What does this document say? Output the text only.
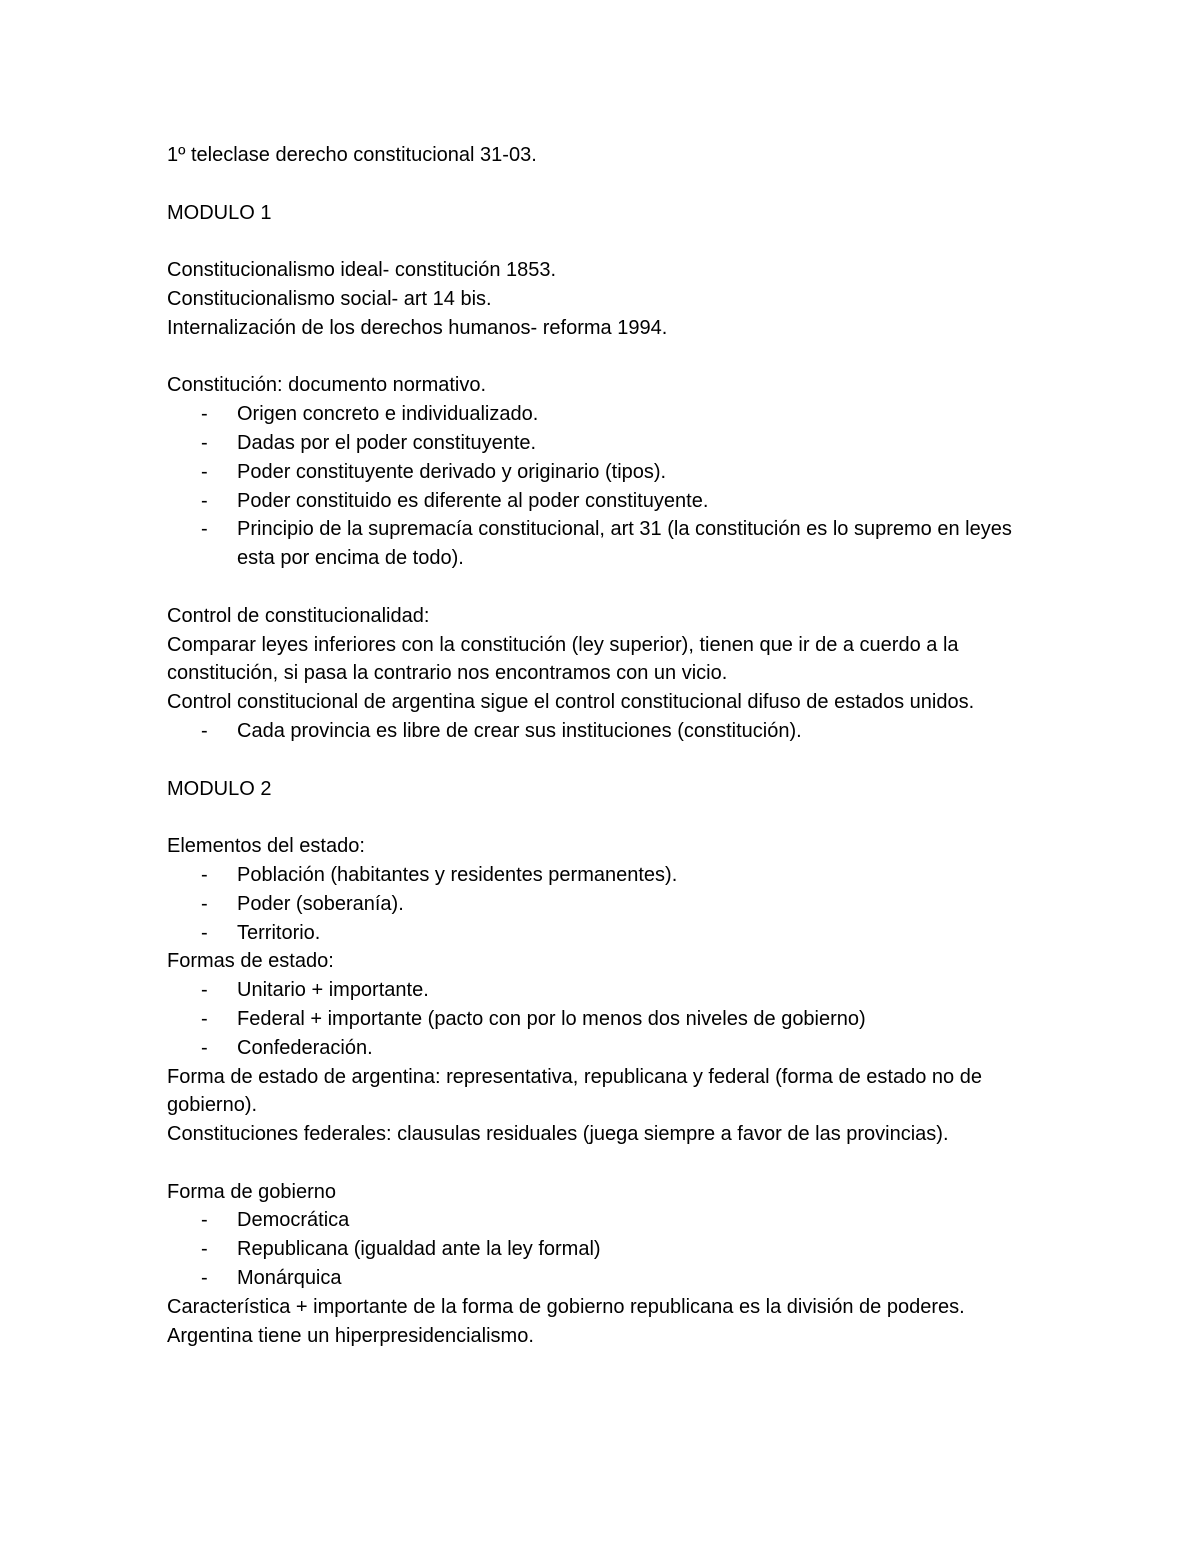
1º teleclase derecho constitucional 31-03.

MODULO 1

Constitucionalismo ideal- constitución 1853.

Constitucionalismo social- art 14 bis.

Internalización de los derechos humanos- reforma 1994.

Constitución: documento normativo.

- Origen concreto e individualizado.
- Dadas por el poder constituyente.
- Poder constituyente derivado y originario (tipos).
- Poder constituido es diferente al poder constituyente.
- Principio de la supremacía constitucional, art 31 (la constitución es lo supremo en leyes esta por encima de todo).

Control de constitucionalidad:

Comparar leyes inferiores con la constitución (ley superior), tienen que ir de a cuerdo a la constitución, si pasa la contrario nos encontramos con un vicio.

Control constitucional de argentina sigue el control constitucional difuso de estados unidos.

- Cada provincia es libre de crear sus instituciones (constitución).

MODULO 2

Elementos del estado:

- Población (habitantes y residentes permanentes).
- Poder (soberanía).
- Territorio.

Formas de estado:

- Unitario + importante.
- Federal + importante (pacto con por lo menos dos niveles de gobierno)
- Confederación.

Forma de estado de argentina: representativa, republicana y federal (forma de estado no de gobierno).

Constituciones federales: clausulas residuales (juega siempre a favor de las provincias).

Forma de gobierno

- Democrática
- Republicana (igualdad ante la ley formal)
- Monárquica

Característica + importante de la forma de gobierno republicana es la división de poderes.

Argentina tiene un hiperpresidencialismo.
